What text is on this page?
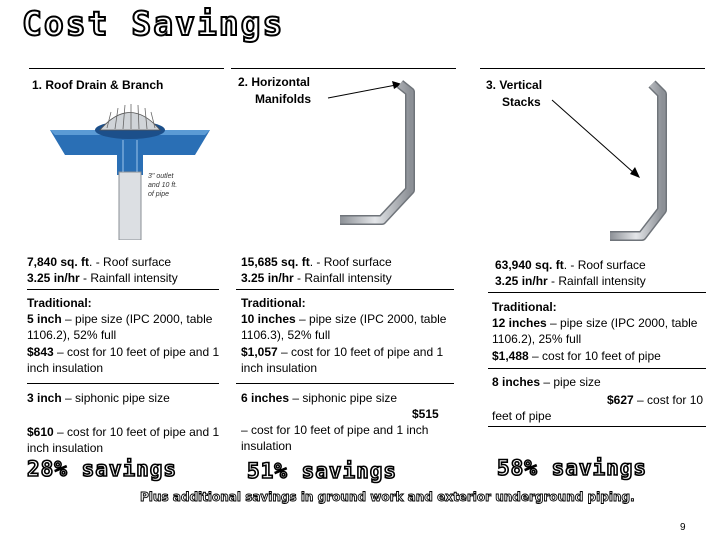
Cost Savings
1. Roof Drain & Branch
3" outlet and 10 ft. of pipe
7,840 sq. ft. - Roof surface
3.25 in/hr - Rainfall intensity
Traditional:
5 inch – pipe size (IPC 2000, table 1106.2), 52% full
$843 – cost for 10 feet of pipe and 1 inch insulation
3 inch – siphonic pipe size
$610 – cost for 10 feet of pipe and 1 inch insulation
28% savings
2. Horizontal
Manifolds
15,685 sq. ft. - Roof surface
3.25 in/hr - Rainfall intensity
Traditional:
10 inches – pipe size (IPC 2000, table 1106.3), 52% full
$1,057 – cost for 10 feet of pipe and 1 inch insulation
6 inches – siphonic pipe size
$515
– cost for 10 feet of pipe and 1 inch insulation
51% savings
3. Vertical
Stacks
63,940 sq. ft. - Roof surface
3.25 in/hr - Rainfall intensity
Traditional:
12 inches – pipe size (IPC 2000, table 1106.2), 25% full
$1,488 – cost for 10 feet of pipe
8 inches – pipe size
$627 – cost for 10 feet of pipe
58% savings
Plus additional savings in ground work and exterior underground piping.
9
